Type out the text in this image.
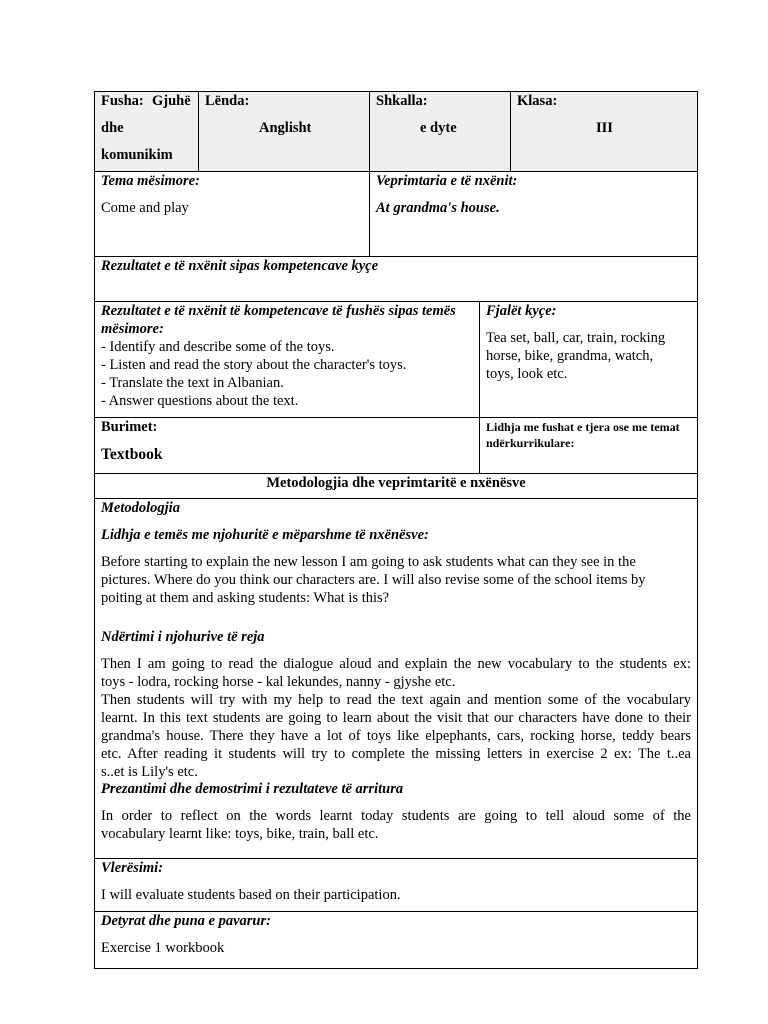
Fusha: Gjuhë
dhe
komunikim
Lënda:
Anglisht
Shkalla:
e dyte
Klasa:
III
Tema mësimore:
Come and play
Veprimtaria e të nxënit:
At grandma's house.
Rezultatet e të nxënit sipas kompetencave kyçe
Rezultatet e të nxënit të kompetencave të fushës sipas temës
mësimore:
- Identify and describe some of the toys.
- Listen and read the story about the character's toys.
- Translate the text in Albanian.
- Answer questions about the text.
Fjalët kyçe:
Tea set, ball, car, train, rocking
horse, bike, grandma, watch,
toys, look etc.
Burimet:
Textbook
Lidhja me fushat e tjera ose me temat
ndërkurrikulare:
Metodologjia dhe veprimtaritë e nxënësve
Metodologjia
Lidhja e temës me njohuritë e mëparshme të nxënësve:
Before starting to explain the new lesson I am going to ask students what can they see in the
pictures. Where do you think our characters are. I will also revise some of the school items by
poiting at them and asking students: What is this?
Ndërtimi i njohurive të reja
Then I am going to read the dialogue aloud and explain the new vocabulary to the students ex:
toys - lodra, rocking horse - kal lekundes, nanny - gjyshe etc.
Then students will try with my help to read the text again and mention some of the vocabulary
learnt. In this text students are going to learn about the visit that our characters have done to their
grandma's house. There they have a lot of toys like elpephants, cars, rocking horse, teddy bears
etc. After reading it students will try to complete the missing letters in exercise 2 ex: The t..ea
s..et is Lily's etc.
Prezantimi dhe demostrimi i rezultateve të arritura
In order to reflect on the words learnt today students are going to tell aloud some of the
vocabulary learnt like: toys, bike, train, ball etc.
Vlerësimi:
I will evaluate students based on their participation.
Detyrat dhe puna e pavarur:
Exercise 1 workbook
